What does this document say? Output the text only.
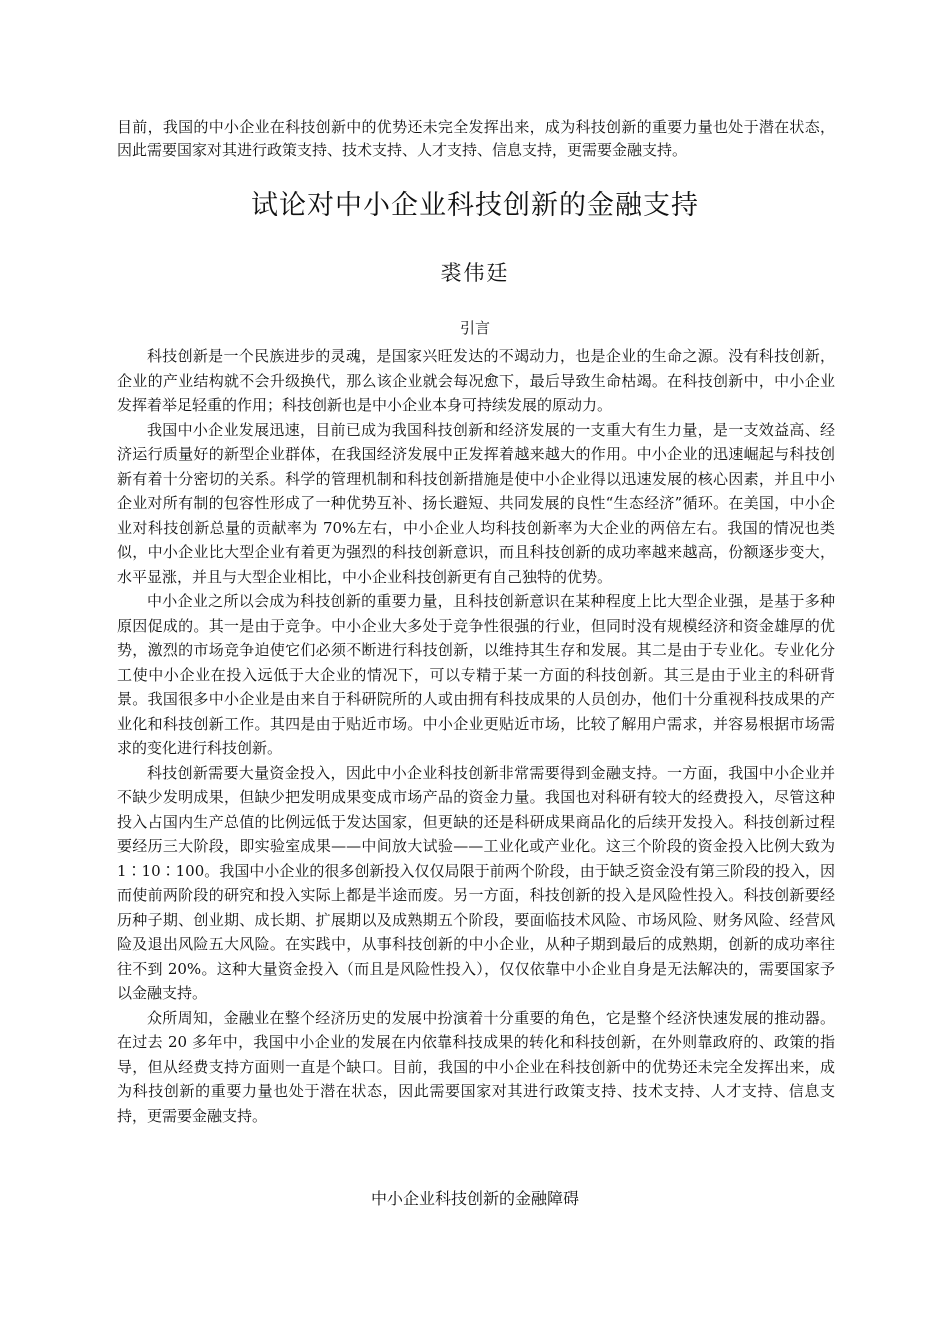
目前，我国的中小企业在科技创新中的优势还未完全发挥出来，成为科技创新的重要力量也处于潜在状态，因此需要国家对其进行政策支持、技术支持、人才支持、信息支持，更需要金融支持。
试论对中小企业科技创新的金融支持
裘伟廷
引言

科技创新是一个民族进步的灵魂，是国家兴旺发达的不竭动力，也是企业的生命之源。没有科技创新，企业的产业结构就不会升级换代，那么该企业就会每况愈下，最后导致生命枯竭。在科技创新中，中小企业发挥着举足轻重的作用；科技创新也是中小企业本身可持续发展的原动力。

我国中小企业发展迅速，目前已成为我国科技创新和经济发展的一支重大有生力量，是一支效益高、经济运行质量好的新型企业群体，在我国经济发展中正发挥着越来越大的作用。中小企业的迅速崛起与科技创新有着十分密切的关系。科学的管理机制和科技创新措施是使中小企业得以迅速发展的核心因素，并且中小企业对所有制的包容性形成了一种优势互补、扬长避短、共同发展的良性“生态经济”循环。在美国，中小企业对科技创新总量的贡献率为 70%左右，中小企业人均科技创新率为大企业的两倍左右。我国的情况也类似，中小企业比大型企业有着更为强烈的科技创新意识，而且科技创新的成功率越来越高，份额逐步变大，水平显涨，并且与大型企业相比，中小企业科技创新更有自己独特的优势。

中小企业之所以会成为科技创新的重要力量，且科技创新意识在某种程度上比大型企业强，是基于多种原因促成的。其一是由于竞争。中小企业大多处于竞争性很强的行业，但同时没有规模经济和资金雄厚的优势，激烈的市场竞争迫使它们必须不断进行科技创新，以维持其生存和发展。其二是由于专业化。专业化分工使中小企业在投入远低于大企业的情况下，可以专精于某一方面的科技创新。其三是由于业主的科研背景。我国很多中小企业是由来自于科研院所的人或由拥有科技成果的人员创办，他们十分重视科技成果的产业化和科技创新工作。其四是由于贴近市场。中小企业更贴近市场，比较了解用户需求，并容易根据市场需求的变化进行科技创新。

科技创新需要大量资金投入，因此中小企业科技创新非常需要得到金融支持。一方面，我国中小企业并不缺少发明成果，但缺少把发明成果变成市场产品的资金力量。我国也对科研有较大的经费投入，尽管这种投入占国内生产总值的比例远低于发达国家，但更缺的还是科研成果商品化的后续开发投入。科技创新过程要经历三大阶段，即实验室成果——中间放大试验——工业化或产业化。这三个阶段的资金投入比例大致为 1∶10∶100。我国中小企业的很多创新投入仅仅局限于前两个阶段，由于缺乏资金没有第三阶段的投入，因而使前两阶段的研究和投入实际上都是半途而废。另一方面，科技创新的投入是风险性投入。科技创新要经历种子期、创业期、成长期、扩展期以及成熟期五个阶段，要面临技术风险、市场风险、财务风险、经营风险及退出风险五大风险。在实践中，从事科技创新的中小企业，从种子期到最后的成熟期，创新的成功率往往不到 20%。这种大量资金投入（而且是风险性投入），仅仅依靠中小企业自身是无法解决的，需要国家予以金融支持。

众所周知，金融业在整个经济历史的发展中扮演着十分重要的角色，它是整个经济快速发展的推动器。在过去 20 多年中，我国中小企业的发展在内依靠科技成果的转化和科技创新，在外则靠政府的、政策的指导，但从经费支持方面则一直是个缺口。目前，我国的中小企业在科技创新中的优势还未完全发挥出来，成为科技创新的重要力量也处于潜在状态，因此需要国家对其进行政策支持、技术支持、人才支持、信息支持，更需要金融支持。

中小企业科技创新的金融障碍
